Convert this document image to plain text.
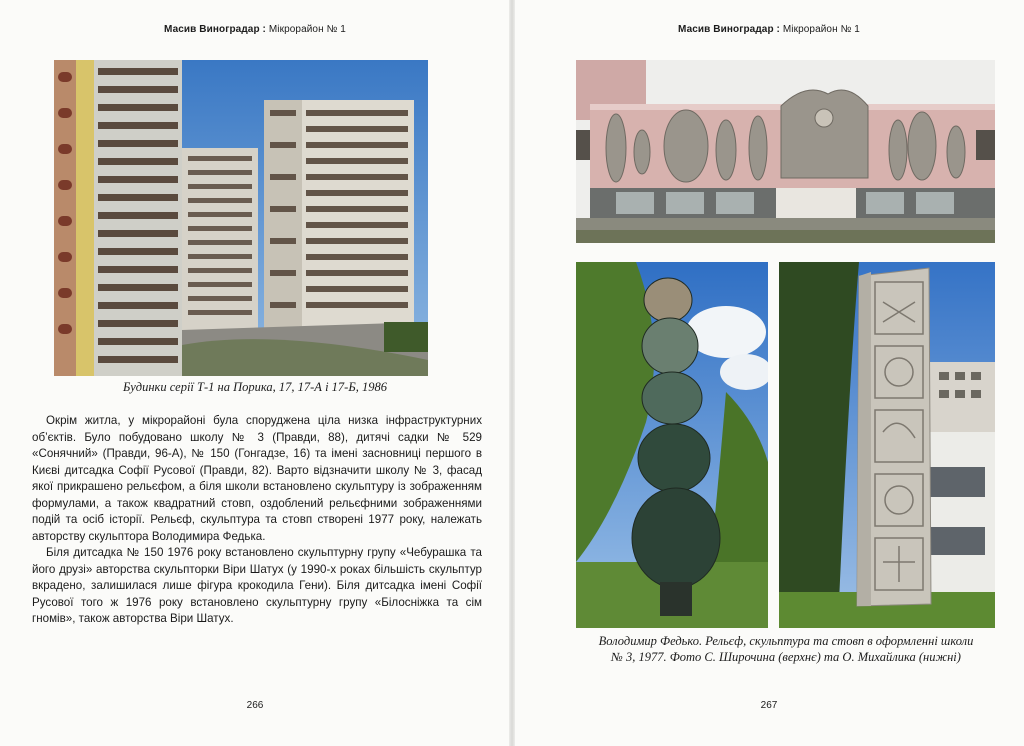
Масив Виноградар : Мікрорайон № 1
Будинки серії Т-1 на Порика, 17, 17-А і 17-Б, 1986

Окрім житла, у мікрорайоні була споруджена ціла низка інфраструктурних об’єктів. Було побудовано школу № 3 (Правди, 88), дитячі садки № 529 «Сонячний» (Правди, 96-А), № 150 (Гонгадзе, 16) та імені засновниці першого в Києві дитсадка Софії Русової (Правди, 82). Варто відзначити школу № 3, фасад якої прикрашено рельєфом, а біля школи встановлено скульптуру із зображенням формулами, а також квадратний стовп, оздоблений рельєфними зображеннями подій та осіб історії. Рельєф, скульптура та стовп створені 1977 року, належать авторству скульптора Володимира Федька.

Біля дитсадка № 150 1976 року встановлено скульптурну групу «Чебурашка та його друзі» авторства скульпторки Віри Шатух (у 1990-х роках більшість скульптур вкрадено, залишилася лише фігура крокодила Гени). Біля дитсадка імені Софії Русової того ж 1976 року встановлено скульптурну групу «Білосніжка та сім гномів», також авторства Віри Шатух.

266
Масив Виноградар : Мікрорайон № 1
Володимир Федько. Рельєф, скульптура та стовп в оформленні школи
№ 3, 1977. Фото С. Широчина (верхнє) та О. Михайлика (нижні)
267
